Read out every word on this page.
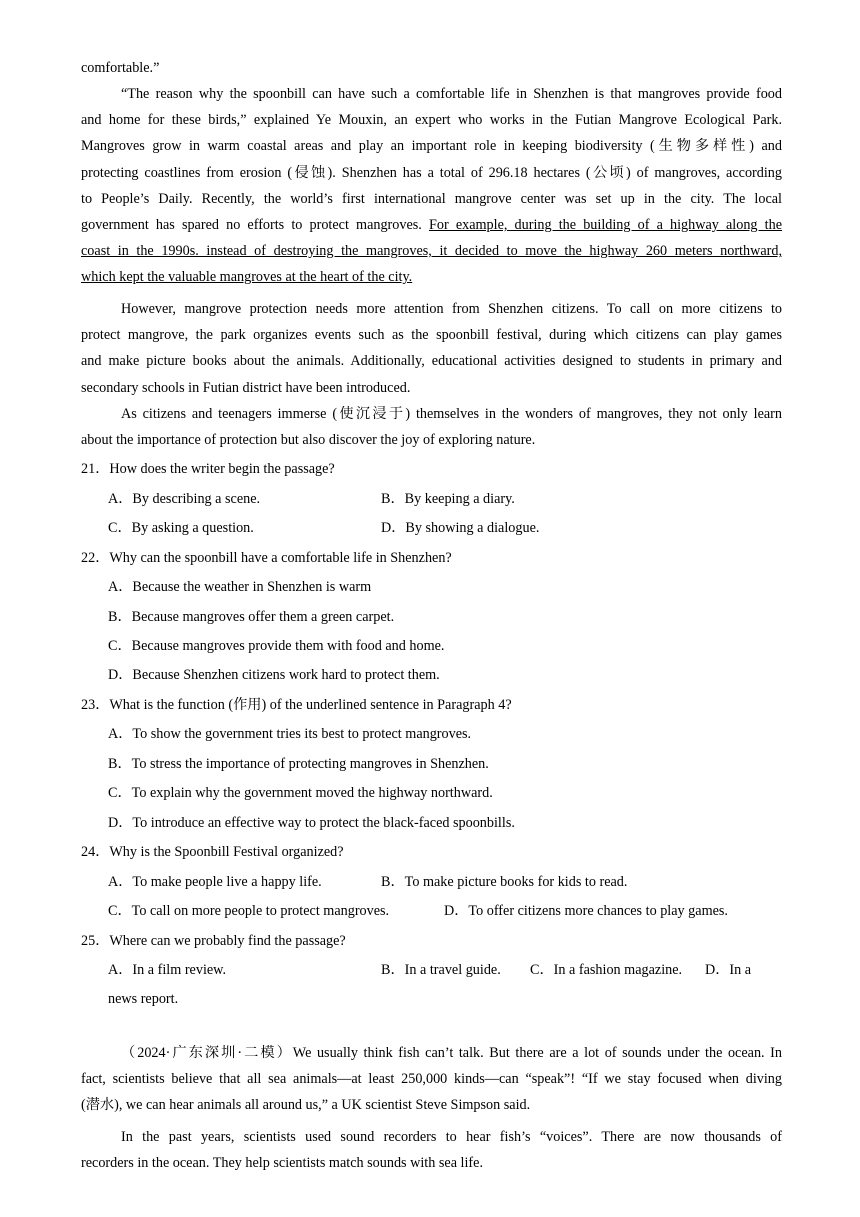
comfortable.”
“The reason why the spoonbill can have such a comfortable life in Shenzhen is that mangroves provide food
and home for these birds,” explained Ye Mouxin, an expert who works in the Futian Mangrove Ecological Park.
Mangroves grow in warm coastal areas and play an important role in keeping biodiversity (生物多样性) and
protecting coastlines from erosion (侵蚀). Shenzhen has a total of 296.18 hectares (公顷) of mangroves, according
to People’s Daily. Recently, the world’s first international mangrove center was set up in the city. The local
government has spared no efforts to protect mangroves. For example, during the building of a highway along the
coast in the 1990s. instead of destroying the mangroves, it decided to move the highway 260 meters northward,
which kept the valuable mangroves at the heart of the city.
However, mangrove protection needs more attention from Shenzhen citizens. To call on more citizens to
protect mangrove, the park organizes events such as the spoonbill festival, during which citizens can play games
and make picture books about the animals. Additionally, educational activities designed to students in primary and
secondary schools in Futian district have been introduced.
As citizens and teenagers immerse (使沉浸于) themselves in the wonders of mangroves, they not only learn
about the importance of protection but also discover the joy of exploring nature.
21．How does the writer begin the passage?
A．By describing a scene.	B．By keeping a diary.
C．By asking a question.	D．By showing a dialogue.
22．Why can the spoonbill have a comfortable life in Shenzhen?
A．Because the weather in Shenzhen is warm
B．Because mangroves offer them a green carpet.
C．Because mangroves provide them with food and home.
D．Because Shenzhen citizens work hard to protect them.
23．What is the function (作用) of the underlined sentence in Paragraph 4?
A．To show the government tries its best to protect mangroves.
B．To stress the importance of protecting mangroves in Shenzhen.
C．To explain why the government moved the highway northward.
D．To introduce an effective way to protect the black-faced spoonbills.
24．Why is the Spoonbill Festival organized?
A．To make people live a happy life.	B．To make picture books for kids to read.
C．To call on more people to protect mangroves.	D．To offer citizens more chances to play games.
25．Where can we probably find the passage?
A．In a film review.	B．In a travel guide. C．In a fashion magazine. D．In a
news report.
（2024·广东深圳·二模）We usually think fish can’t talk. But there are a lot of sounds under the ocean. In
fact, scientists believe that all sea animals—at least 250,000 kinds—can “speak”! “If we stay focused when diving
(潜水), we can hear animals all around us,” a UK scientist Steve Simpson said.
In the past years, scientists used sound recorders to hear fish’s “voices”. There are now thousands of
recorders in the ocean. They help scientists match sounds with sea life.
